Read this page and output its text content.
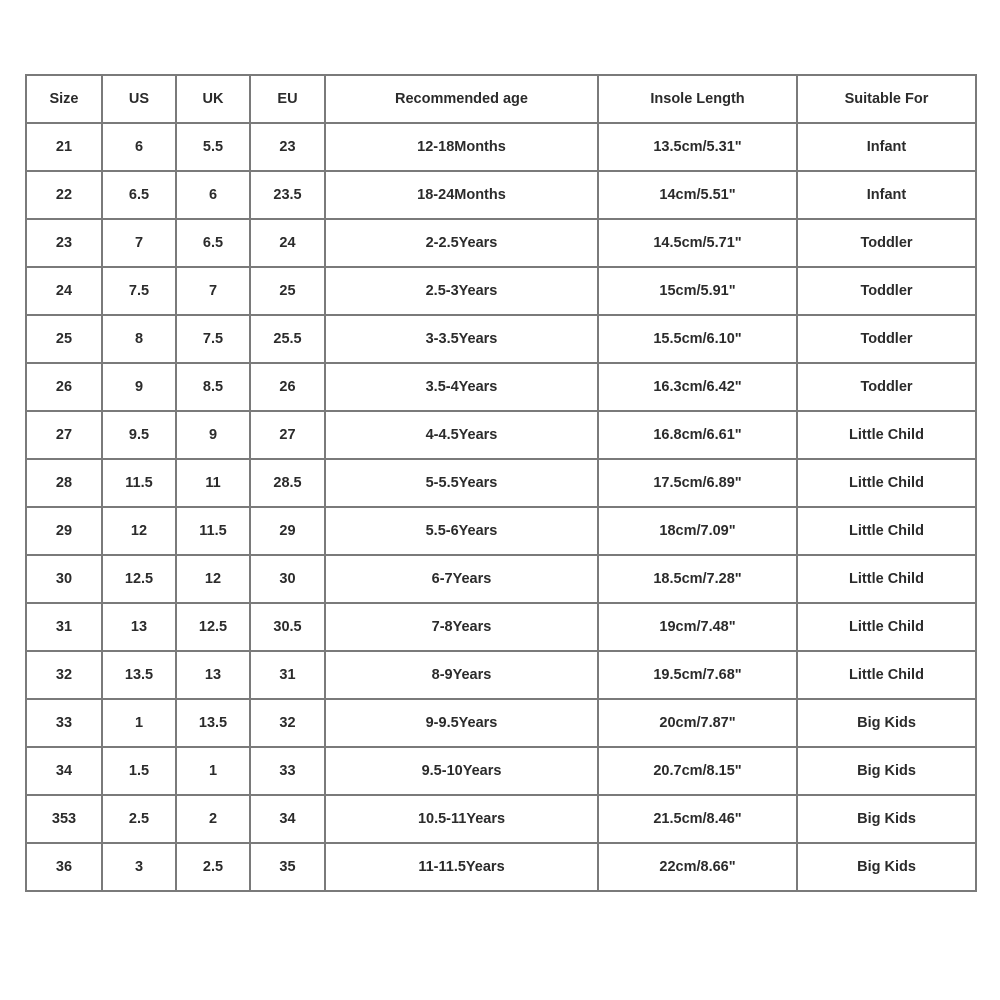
Size	US	UK	EU	Recommended age	Insole Length	Suitable For
21	6	5.5	23	12-18Months	13.5cm/5.31"	Infant
22	6.5	6	23.5	18-24Months	14cm/5.51"	Infant
23	7	6.5	24	2-2.5Years	14.5cm/5.71"	Toddler
24	7.5	7	25	2.5-3Years	15cm/5.91"	Toddler
25	8	7.5	25.5	3-3.5Years	15.5cm/6.10"	Toddler
26	9	8.5	26	3.5-4Years	16.3cm/6.42"	Toddler
27	9.5	9	27	4-4.5Years	16.8cm/6.61"	Little Child
28	11.5	11	28.5	5-5.5Years	17.5cm/6.89"	Little Child
29	12	11.5	29	5.5-6Years	18cm/7.09"	Little Child
30	12.5	12	30	6-7Years	18.5cm/7.28"	Little Child
31	13	12.5	30.5	7-8Years	19cm/7.48"	Little Child
32	13.5	13	31	8-9Years	19.5cm/7.68"	Little Child
33	1	13.5	32	9-9.5Years	20cm/7.87"	Big Kids
34	1.5	1	33	9.5-10Years	20.7cm/8.15"	Big Kids
353	2.5	2	34	10.5-11Years	21.5cm/8.46"	Big Kids
36	3	2.5	35	11-11.5Years	22cm/8.66"	Big Kids
